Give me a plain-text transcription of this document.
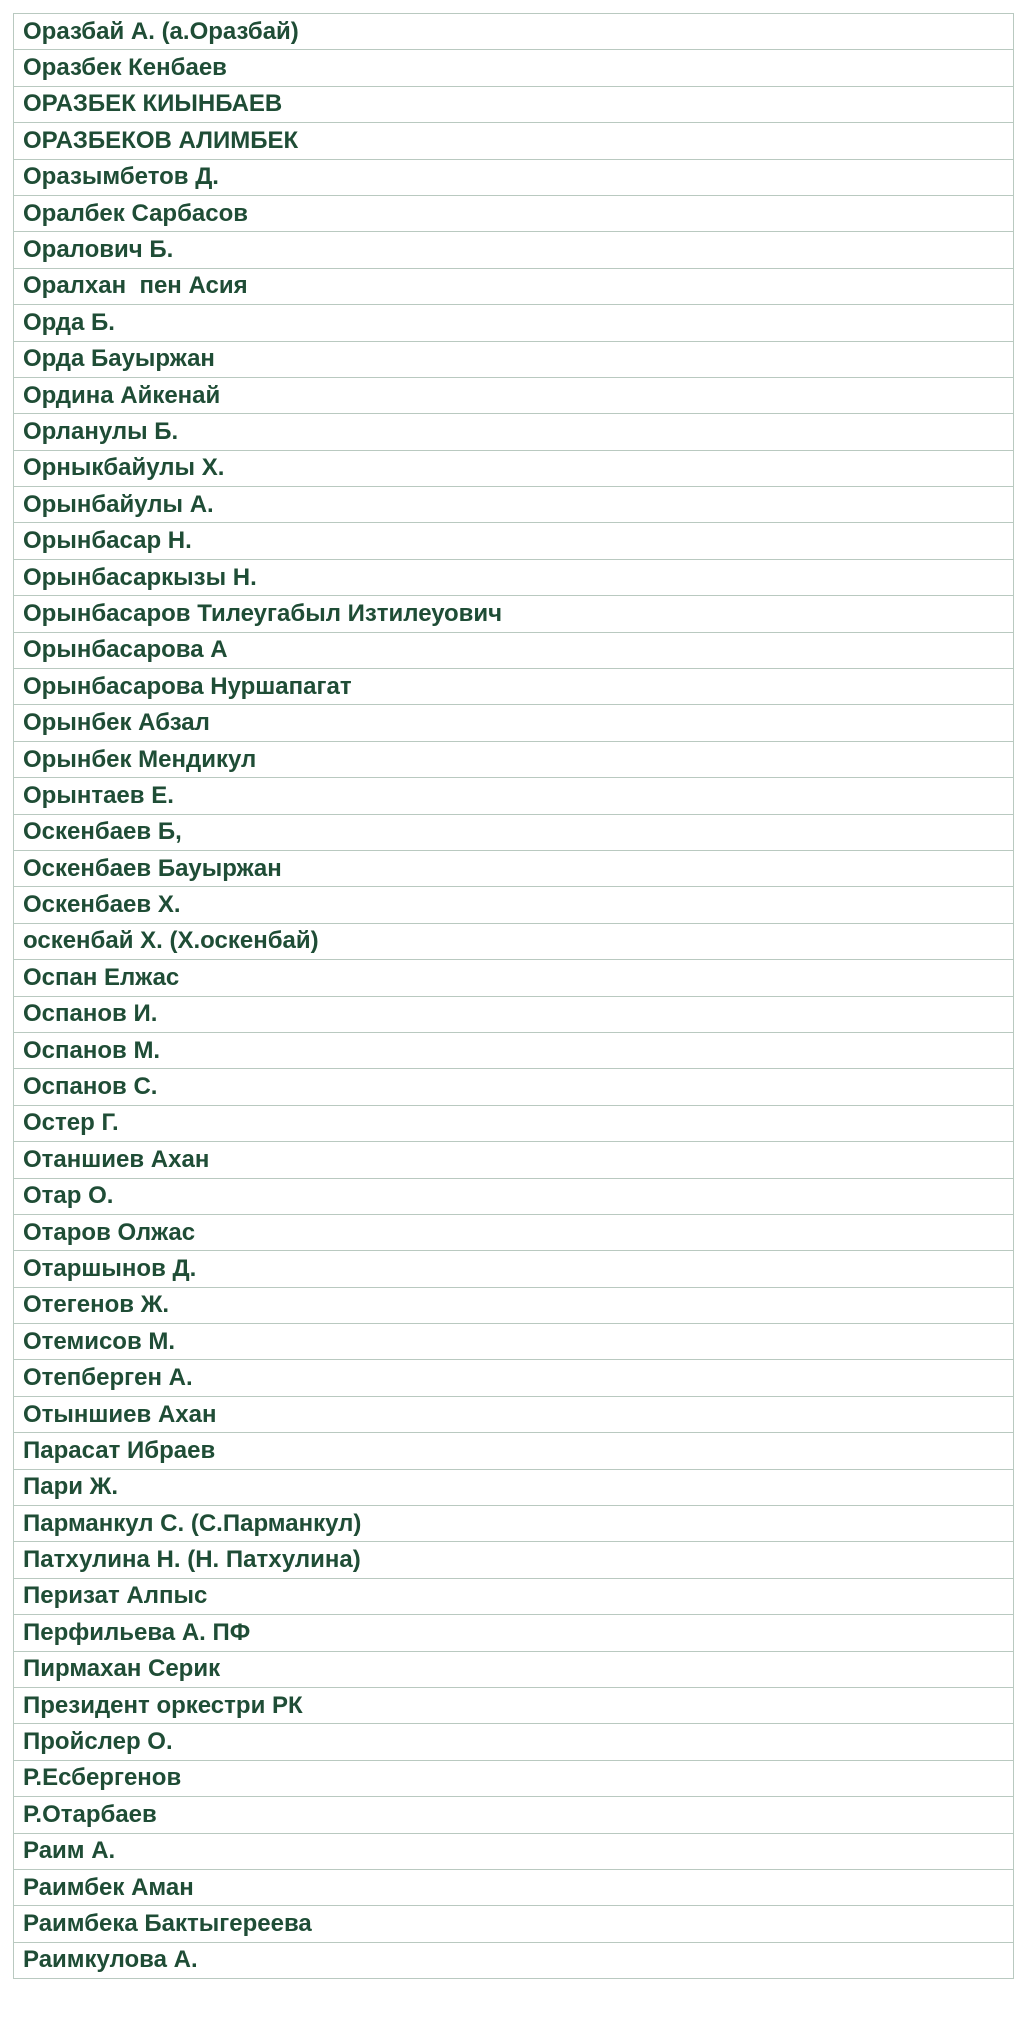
Оразбай А. (а.Оразбай)
Оразбек Кенбаев
ОРАЗБЕК КИЫНБАЕВ
ОРАЗБЕКОВ АЛИМБЕК
Оразымбетов Д.
Оралбек Сарбасов
Оралович Б.
Оралхан  пен Асия
Орда Б.
Орда Бауыржан
Ордина Айкенай
Орланулы Б.
Орныкбайулы Х.
Орынбайулы А.
Орынбасар Н.
Орынбасаркызы Н.
Орынбасаров Тилеугабыл Изтилеуович
Орынбасарова А
Орынбасарова Нуршапагат
Орынбек Абзал
Орынбек Мендикул
Орынтаев Е.
Оскенбаев Б,
Оскенбаев Бауыржан
Оскенбаев Х.
оскенбай Х. (Х.оскенбай)
Оспан Елжас
Оспанов И.
Оспанов М.
Оспанов С.
Остер Г.
Отаншиев Ахан
Отар О.
Отаров Олжас
Отаршынов Д.
Отегенов Ж.
Отемисов М.
Отепберген А.
Отыншиев Ахан
Парасат Ибраев
Пари Ж.
Парманкул С. (С.Парманкул)
Патхулина Н. (Н. Патхулина)
Перизат Алпыс
Перфильева А. ПФ
Пирмахан Серик
Президент оркестри РК
Пройслер О.
Р.Есбергенов
Р.Отарбаев
Раим А.
Раимбек Аман
Раимбека Бактыгереева
Раимкулова А.
